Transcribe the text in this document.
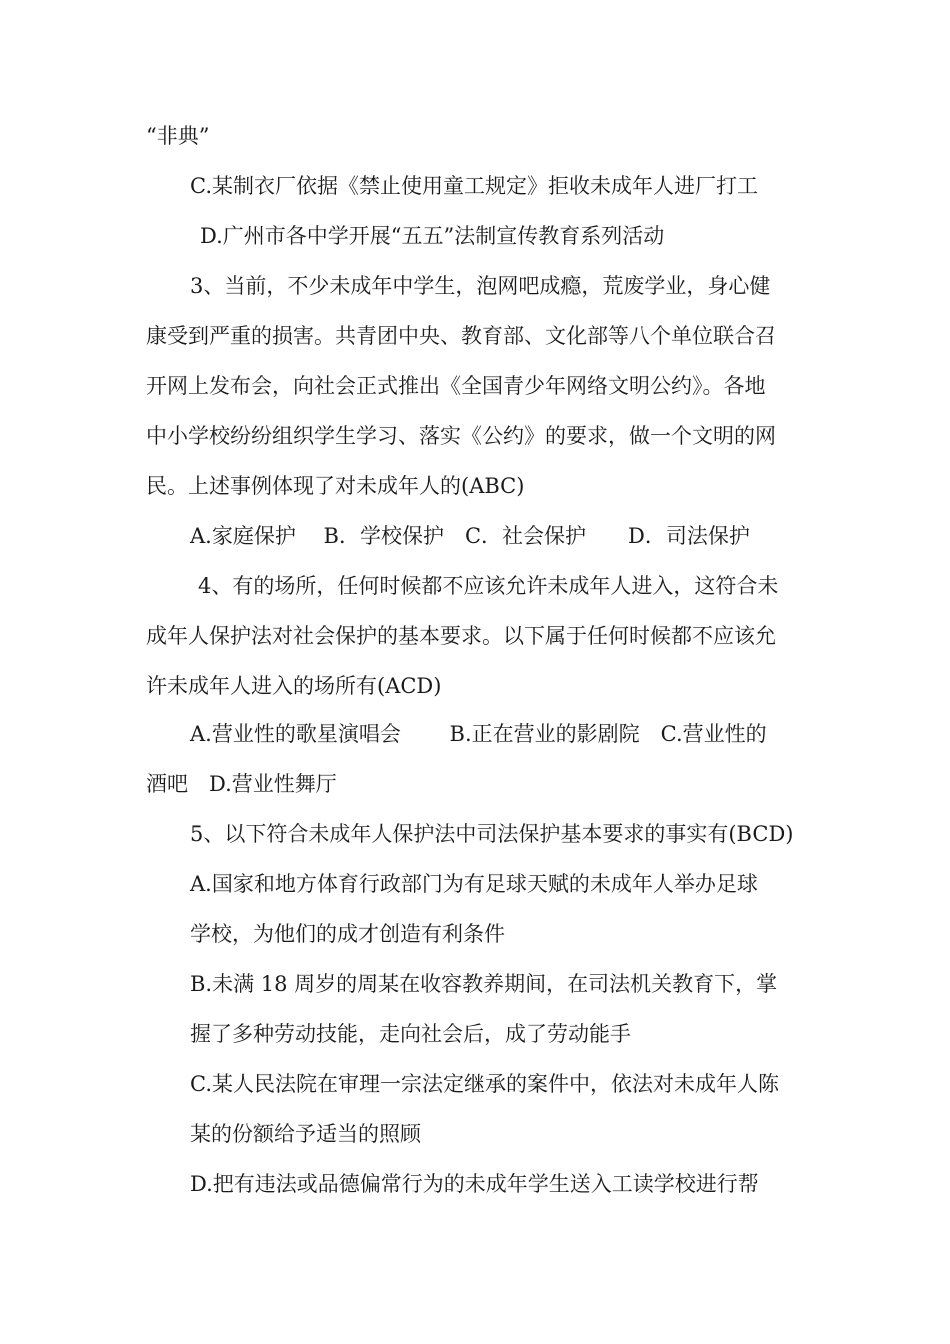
“非典”
C.某制衣厂依据《禁止使用童工规定》拒收未成年人进厂打工
D.广州市各中学开展“五五”法制宣传教育系列活动
3、当前，不少未成年中学生，泡网吧成瘾，荒废学业，身心健
康受到严重的损害。共青团中央、教育部、文化部等八个单位联合召
开网上发布会，向社会正式推出《全国青少年网络文明公约》。各地
中小学校纷纷组织学生学习、落实《公约》的要求，做一个文明的网
民。上述事例体现了对未成年人的(ABC)
A.家庭保护　 B．学校保护　C．社会保护　　D．司法保护
4、有的场所，任何时候都不应该允许未成年人进入，这符合未
成年人保护法对社会保护的基本要求。以下属于任何时候都不应该允
许未成年人进入的场所有(ACD)
A.营业性的歌星演唱会　　 B.正在营业的影剧院　C.营业性的
酒吧　D.营业性舞厅
5、以下符合未成年人保护法中司法保护基本要求的事实有(BCD)
A.国家和地方体育行政部门为有足球天赋的未成年人举办足球
学校，为他们的成才创造有利条件
B.未满 18 周岁的周某在收容教养期间，在司法机关教育下，掌
握了多种劳动技能，走向社会后，成了劳动能手
C.某人民法院在审理一宗法定继承的案件中，依法对未成年人陈
某的份额给予适当的照顾
D.把有违法或品德偏常行为的未成年学生送入工读学校进行帮
